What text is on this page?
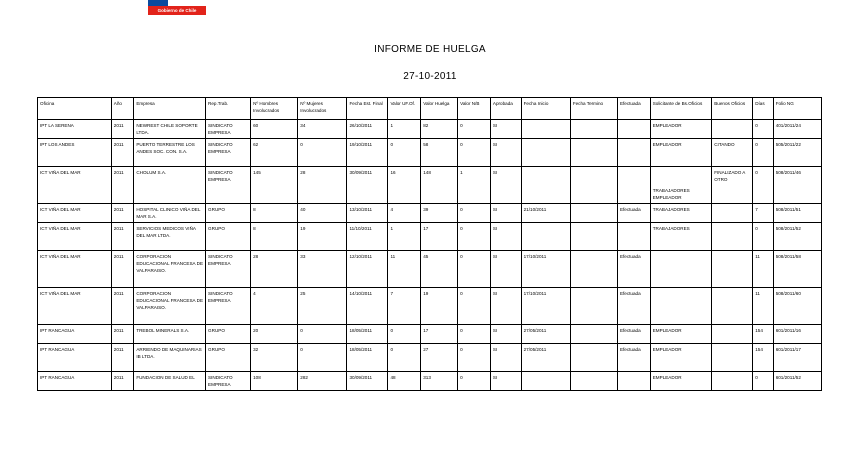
Gobierno de Chile
INFORME DE HUELGA
27-10-2011
Oficina	Año	Empresa	Rep.Trab.	Nº Hombres Involucrados	Nº Mujeres Involucrados	Fecha Est. Final	Valor UF.Of.	Valor Huelga	Valor N/B	Aprobada	Fecha Inicio	Fecha Termino	Efectuada	Solicitante de Bs.Oficios	Buenos Oficios	Días	Folio NG
IPT LA SERENA	2011	NEWREST CHILE SOPORTE LTDA.	SINDICATO EMPRESA	60	34	26/10/2011	1	82	0	SI				EMPLEADOR		0	401/2011/24
IPT LOS ANDES	2011	PUERTO TERRESTRE LOS ANDES SOC. CON. S.A.	SINDICATO EMPRESA	62	0	19/10/2011	0	58	0	SI				EMPLEADOR	CITANDO	0	505/2011/22
ICT VIÑA DEL MAR	2011	CHOLUM S.A.	SINDICATO EMPRESA	145	28	30/09/2011	16	148	1	SI				TRABAJADORES EMPLEADOR	FINALIZADO A OTRO	0	508/2011/46
ICT VIÑA DEL MAR	2011	HOSPITAL CLINICO VIÑA DEL MAR S.A.	GRUPO	8	40	13/10/2011	4	39	0	SI	21/10/2011		Efectuada	TRABAJADORES		7	508/2011/51
ICT VIÑA DEL MAR	2011	SERVICIOS MEDICOS VIÑA DEL MAR LTDA.	GRUPO	8	19	11/10/2011	1	17	0	SI				TRABAJADORES		0	508/2011/52
ICT VIÑA DEL MAR	2011	CORPORACION EDUCACIONAL FRANCESA DE VALPARAISO.	SINDICATO EMPRESA	28	33	12/10/2011	11	45	0	SI	17/10/2011		Efectuada			11	508/2011/58
ICT VIÑA DEL MAR	2011	CORPORACION EDUCACIONAL FRANCESA DE VALPARAISO.	SINDICATO EMPRESA	4	25	14/10/2011	7	19	0	SI	17/10/2011		Efectuada			11	508/2011/60
IPT RANCAGUA	2011	TREBOL MINERALS S.A.	GRUPO	20	0	18/05/2011	0	17	0	SI	27/05/2011		Efectuada	EMPLEADOR		154	601/2011/16
IPT RANCAGUA	2011	ARRIENDO DE MAQUINARIAS IB LTDA.	GRUPO	32	0	18/05/2011	0	27	0	SI	27/05/2011		Efectuada	EMPLEADOR		154	601/2011/17
IPT RANCAGUA	2011	FUNDACION DE SALUD EL	SINDICATO EMPRESA	108	282	30/09/2011	48	313	0	SI				EMPLEADOR		0	601/2011/52
